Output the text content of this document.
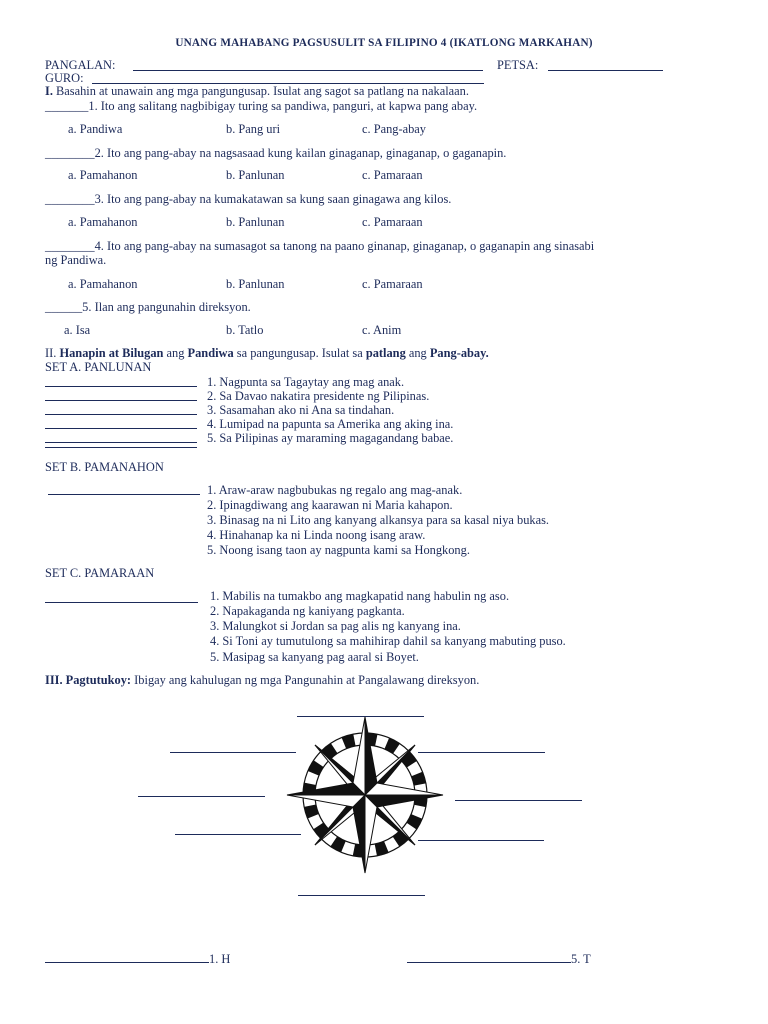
UNANG MAHABANG PAGSUSULIT SA FILIPINO 4 (IKATLONG MARKAHAN)
PANGALAN:	PETSA:
GURO:
I. Basahin at unawain ang mga pangungusap. Isulat ang sagot sa patlang na nakalaan.
_______1. Ito ang salitang nagbibigay turing sa pandiwa, panguri, at kapwa pang abay.
a. Pandiwa	b. Pang uri	c. Pang-abay
________2. Ito ang pang-abay na nagsasaad kung kailan ginaganap, ginaganap, o gaganapin.
a. Pamahanon	b. Panlunan	c. Pamaraan
________3. Ito ang pang-abay na kumakatawan sa kung saan ginagawa ang kilos.
a. Pamahanon	b. Panlunan	c. Pamaraan
________4. Ito ang pang-abay na sumasagot sa tanong na paano ginanap, ginaganap, o gaganapin ang sinasabi
ng Pandiwa.
a. Pamahanon	b. Panlunan	c. Pamaraan
______5. Ilan ang pangunahin direksyon.
a. Isa	b. Tatlo	c. Anim
II. Hanapin at Bilugan ang Pandiwa sa pangungusap. Isulat sa patlang ang Pang-abay.
SET A. PANLUNAN
1. Nagpunta sa Tagaytay ang mag anak.
2. Sa Davao nakatira presidente ng Pilipinas.
3. Sasamahan ako ni Ana sa tindahan.
4. Lumipad na papunta sa Amerika ang aking ina.
5. Sa Pilipinas ay maraming magagandang babae.
SET B. PAMANAHON
1. Araw-araw nagbubukas ng regalo ang mag-anak.
2. Ipinagdiwang ang kaarawan ni Maria kahapon.
3. Binasag na ni Lito ang kanyang alkansya para sa kasal niya bukas.
4. Hinahanap ka ni Linda noong isang araw.
5. Noong isang taon ay nagpunta kami sa Hongkong.
SET C. PAMARAAN
1. Mabilis na tumakbo ang magkapatid nang habulin ng aso.
2. Napakaganda ng kaniyang pagkanta.
3. Malungkot si Jordan sa pag alis ng kanyang ina.
4. Si Toni ay tumutulong sa mahihirap dahil sa kanyang mabuting puso.
5. Masipag sa kanyang pag aaral si Boyet.
III. Pagtutukoy: Ibigay ang kahulugan ng mga Pangunahin at Pangalawang direksyon.
1. H	5. T
